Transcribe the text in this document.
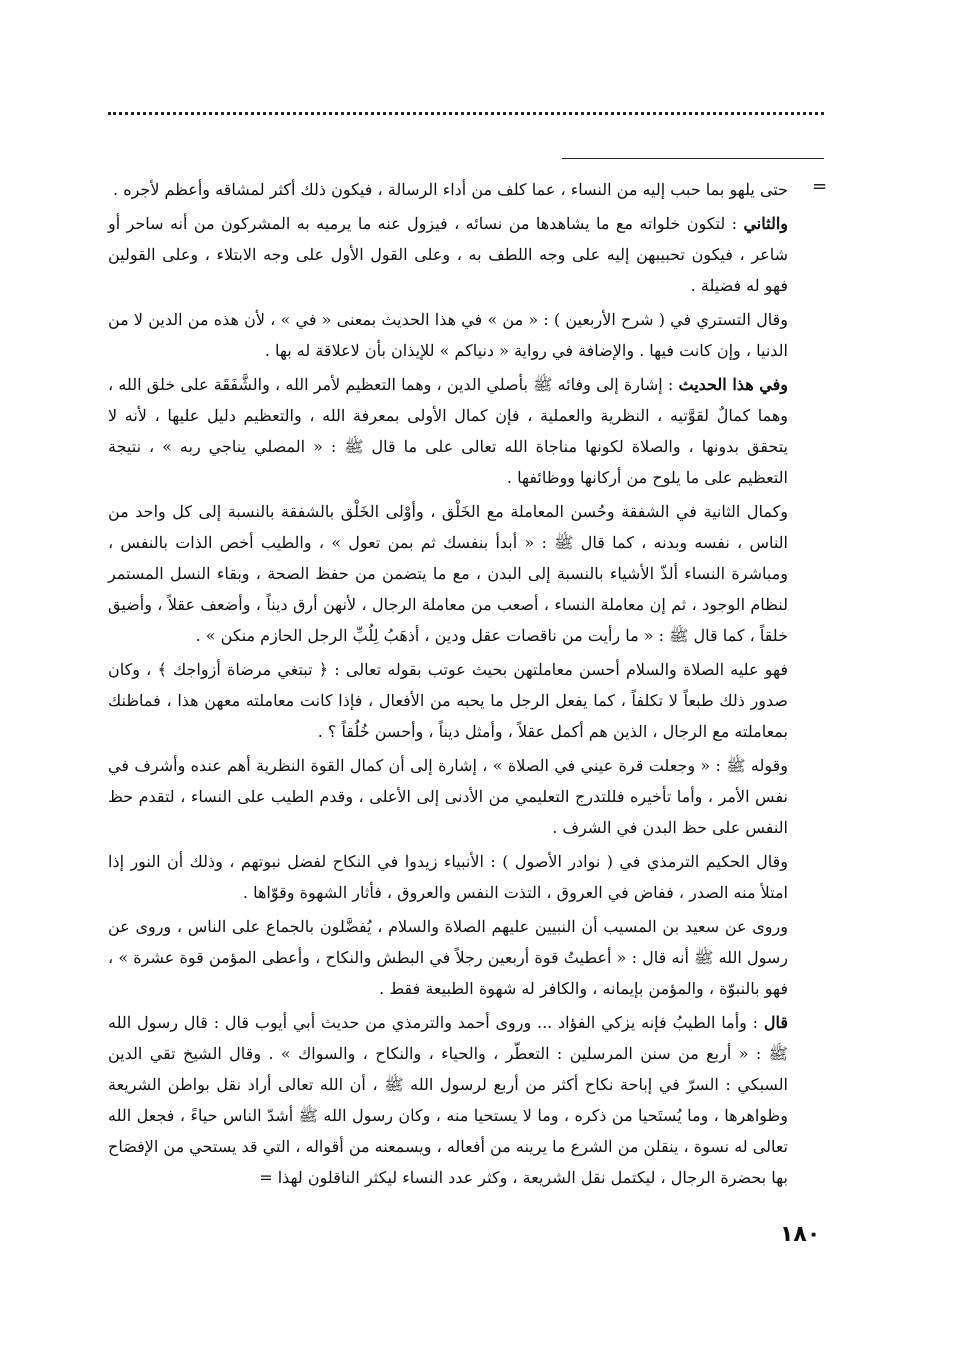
=

حتى يلهو بما حبب إليه من النساء ، عما كلف من أداء الرسالة ، فيكون ذلك أكثر لمشاقه وأعظم لأجره .

والثاني : لتكون خلواته مع ما يشاهدها من نسائه ، فيزول عنه ما يرميه به المشركون من أنه ساحر أو شاعر ، فيكون تحبيبهن إليه على وجه اللطف به ، وعلى القول الأول على وجه الابتلاء ، وعلى القولين فهو له فضيلة .

وقال التستري في ( شرح الأربعين ) : « من » في هذا الحديث بمعنى « في » ، لأن هذه من الدين لا من الدنيا ، وإن كانت فيها . والإضافة في رواية « دنياكم » للإيذان بأن لاعلاقة له بها .

وفي هذا الحديث : إشارة إلى وفائه ﷺ بأصلي الدين ، وهما التعظيم لأمر الله ، والشَّفَقَة على خلق الله ، وهما كمالٌ لقوَّتيه ، النظرية والعملية ، فإن كمال الأولى بمعرفة الله ، والتعظيم دليل عليها ، لأنه لا يتحقق بدونها ، والصلاة لكونها مناجاة الله تعالى على ما قال ﷺ : « المصلي يناجي ربه » ، نتيجة التعظيم على ما يلوح من أركانها ووظائفها .

وكمال الثانية في الشفقة وحُسن المعاملة مع الخَلْق ، وأوْلى الخَلْق بالشفقة بالنسبة إلى كل واحد من الناس ، نفسه وبدنه ، كما قال ﷺ : « أبدأ بنفسك ثم بمن تعول » ، والطيب أخص الذات بالنفس ، ومباشرة النساء ألذّ الأشياء بالنسبة إلى البدن ، مع ما يتضمن من حفظ الصحة ، وبقاء النسل المستمر لنظام الوجود ، ثم إن معاملة النساء ، أصعب من معاملة الرجال ، لأنهن أرق ديناً ، وأضعف عقلاً ، وأضيق خلقاً ، كما قال ﷺ : « ما رأيت من ناقصات عقل ودين ، أذهَبُ لِلُبِّ الرجل الحازم منكن » .

فهو عليه الصلاة والسلام أحسن معاملتهن بحيث عوتب بقوله تعالى : ﴿ تبتغي مرضاة أزواجك ﴾ ، وكان صدور ذلك طبعاً لا تكلفاً ، كما يفعل الرجل ما يحبه من الأفعال ، فإذا كانت معاملته معهن هذا ، فماظنك بمعاملته مع الرجال ، الذين هم أكمل عقلاً ، وأمثل ديناً ، وأحسن خُلُقاً ؟ .

وقوله ﷺ : « وجعلت قرة عيني في الصلاة » ، إشارة إلى أن كمال القوة النظرية أهم عنده وأشرف في نفس الأمر ، وأما تأخيره فللتدرج التعليمي من الأدنى إلى الأعلى ، وقدم الطيب على النساء ، لتقدم حظ النفس على حظ البدن في الشرف .

وقال الحكيم الترمذي في ( نوادر الأصول ) : الأنبياء زيدوا في النكاح لفضل نبوتهم ، وذلك أن النور إذا امتلأ منه الصدر ، ففاض في العروق ، التذت النفس والعروق ، فأثار الشهوة وقوّاها .

وروى عن سعيد بن المسيب أن النبيين عليهم الصلاة والسلام ، يُفضَّلون بالجماع على الناس ، وروى عن رسول الله ﷺ أنه قال : « أعطيتُ قوة أربعين رجلاً في البطش والنكاح ، وأعطى المؤمن قوة عشرة » ، فهو بالنبوّة ، والمؤمن بإيمانه ، والكافر له شهوة الطبيعة فقط .

قال : وأما الطيبُ فإنه يزكي الفؤاد ... وروى أحمد والترمذي من حديث أبي أيوب قال : قال رسول الله ﷺ : « أربع من سنن المرسلين : التعطّر ، والحياء ، والنكاح ، والسواك » . وقال الشيخ تقي الدين السبكي : السرّ في إباحة نكاح أكثر من أربع لرسول الله ﷺ ، أن الله تعالى أراد نقل بواطن الشريعة وظواهرها ، وما يُستَحيا من ذكره ، وما لا يستحيا منه ، وكان رسول الله ﷺ أشدّ الناس حياءً ، فجعل الله تعالى له نسوة ، ينقلن من الشرع ما يرينه من أفعاله ، ويسمعنه من أقواله ، التي قد يستحي من الإفصَاح بها بحضرة الرجال ، ليكتمل نقل الشريعة ، وكثر عدد النساء ليكثر الناقلون لهذا =

١٨٠
